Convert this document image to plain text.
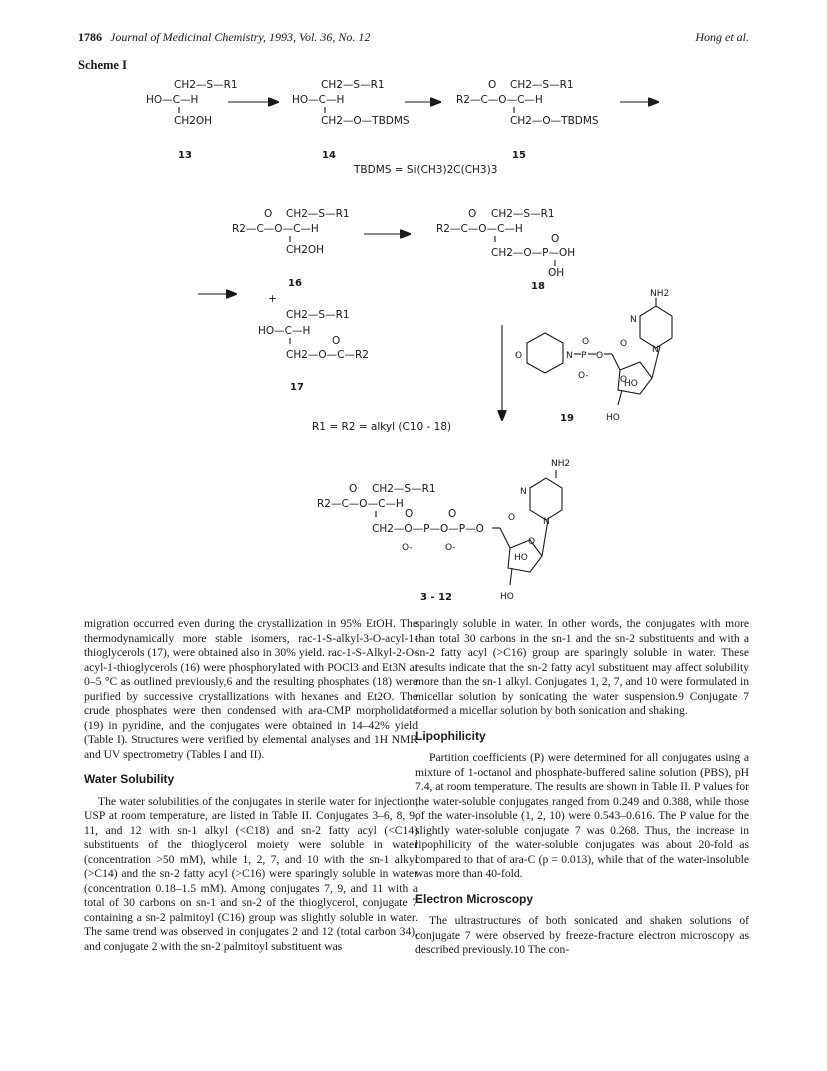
1786 Journal of Medicinal Chemistry, 1993, Vol. 36, No. 12	Hong et al.
Scheme I
CH2—S—R1
HO—C—H
CH2OH
13
CH2—S—R1
HO—C—H
CH2—O—TBDMS
14
CH2—S—R1
O
R2—C—O—C—H
CH2—O—TBDMS
15
TBDMS = Si(CH3)2C(CH3)3
CH2—S—R1
O
R2—C—O—C—H
CH2OH
16
CH2—S—R1
O
R2—C—O—C—H
O
CH2—O—P—OH
OH
18
+
CH2—S—R1
HO—C—H
O
CH2—O—C—R2
17
R1 = R2 = alkyl (C10 - 18)
O	N P
O
O
O-	O
HO
HO
NH2
N
O
N
19
CH2—S—R1
O
R2—C—O—C—H
O	O
CH2—O—P—O—P—O
O-	O-
O
HO
HO
NH2
N
O	N
3 - 12

migration occurred even during the crystallization in 95% EtOH. The thermodynamically more stable isomers, rac-1-S-alkyl-3-O-acyl-1-thioglycerols (17), were obtained also in 30% yield. rac-1-S-Alkyl-2-O-acyl-1-thioglycerols (16) were phosphorylated with POCl3 and Et3N at 0–5 °C as outlined previously,6 and the resulting phosphates (18) were purified by successive crystallizations with hexanes and Et2O. The crude phosphates were then condensed with ara-CMP morpholidate (19) in pyridine, and the conjugates were obtained in 14–42% yield (Table I). Structures were verified by elemental analyses and 1H NMR and UV spectrometry (Tables I and II).

Water Solubility

The water solubilities of the conjugates in sterile water for injection, USP at room temperature, are listed in Table II. Conjugates 3–6, 8, 9, 11, and 12 with sn-1 alkyl (<C18) and sn-2 fatty acyl (<C14) substituents of the thioglycerol moiety were soluble in water (concentration >50 mM), while 1, 2, 7, and 10 with the sn-1 alkyl (>C14) and the sn-2 fatty acyl (>C16) were sparingly soluble in water (concentration 0.18–1.5 mM). Among conjugates 7, 9, and 11 with a total of 30 carbons on sn-1 and sn-2 of the thioglycerol, conjugate 7 containing a sn-2 palmitoyl (C16) group was slightly soluble in water. The same trend was observed in conjugates 2 and 12 (total carbon 34), and conjugate 2 with the sn-2 palmitoyl substituent was

sparingly soluble in water. In other words, the conjugates with more than total 30 carbons in the sn-1 and the sn-2 substituents and with a sn-2 fatty acyl (>C16) group are sparingly soluble in water. These results indicate that the sn-2 fatty acyl substituent may affect solubility more than the sn-1 alkyl. Conjugates 1, 2, 7, and 10 were formulated in micellar solution by sonicating the water suspension.9 Conjugate 7 formed a micellar solution by both sonication and shaking.

Lipophilicity

Partition coefficients (P) were determined for all conjugates using a mixture of 1-octanol and phosphate-buffered saline solution (PBS), pH 7.4, at room temperature. The results are shown in Table II. P values for the water-soluble conjugates ranged from 0.249 and 0.388, while those of the water-insoluble (1, 2, 10) were 0.543–0.616. The P value for the slightly water-soluble conjugate 7 was 0.268. Thus, the increase in lipophilicity of the water-soluble conjugates was about 20-fold as compared to that of ara-C (p = 0.013), while that of the water-insoluble was more than 40-fold.

Electron Microscopy

The ultrastructures of both sonicated and shaken solutions of conjugate 7 were observed by freeze-fracture electron microscopy as described previously.10 The con-
